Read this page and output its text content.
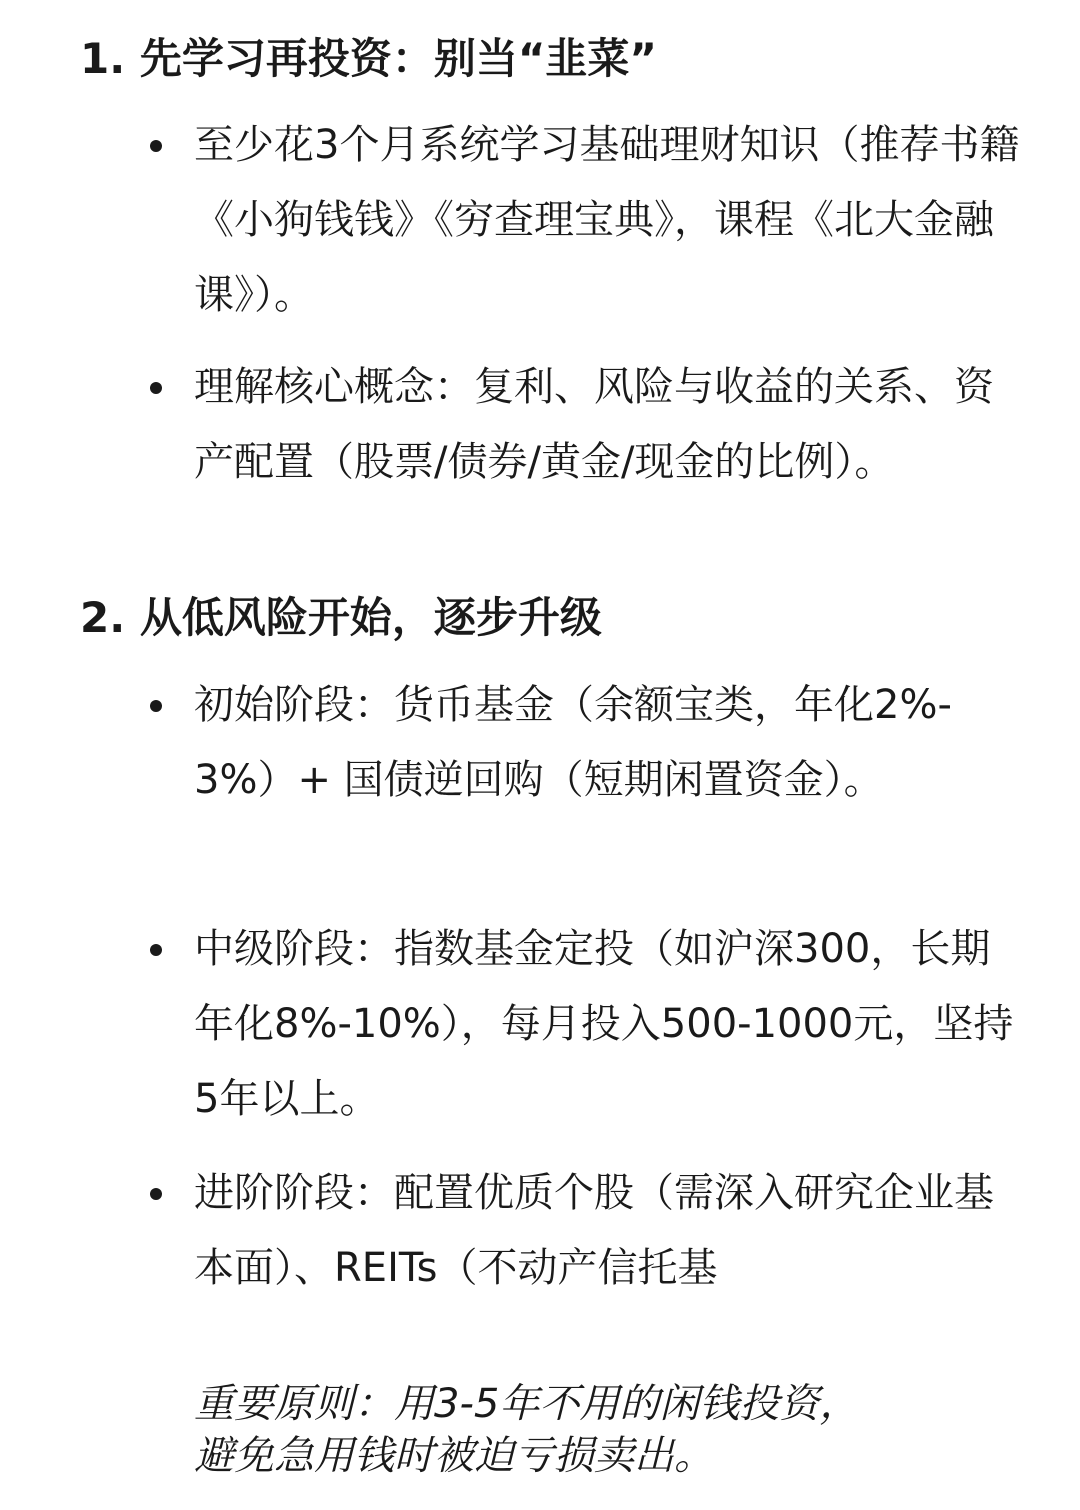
1. 先学习再投资：别当“韭菜”
至少花3个月系统学习基础理财知识（推荐书籍《小狗钱钱》《穷查理宝典》，课程《北大金融课》）。
理解核心概念：复利、风险与收益的关系、资产配置（股票/债券/黄金/现金的比例）。
2. 从低风险开始，逐步升级
初始阶段：货币基金（余额宝类，年化2%-3%）+ 国债逆回购（短期闲置资金）。
中级阶段：指数基金定投（如沪深300，长期年化8%-10%），每月投入500-1000元，坚持5年以上。
进阶阶段：配置优质个股（需深入研究企业基本面）、REITs（不动产信托基
重要原则：用3-5年不用的闲钱投资，
避免急用钱时被迫亏损卖出。
